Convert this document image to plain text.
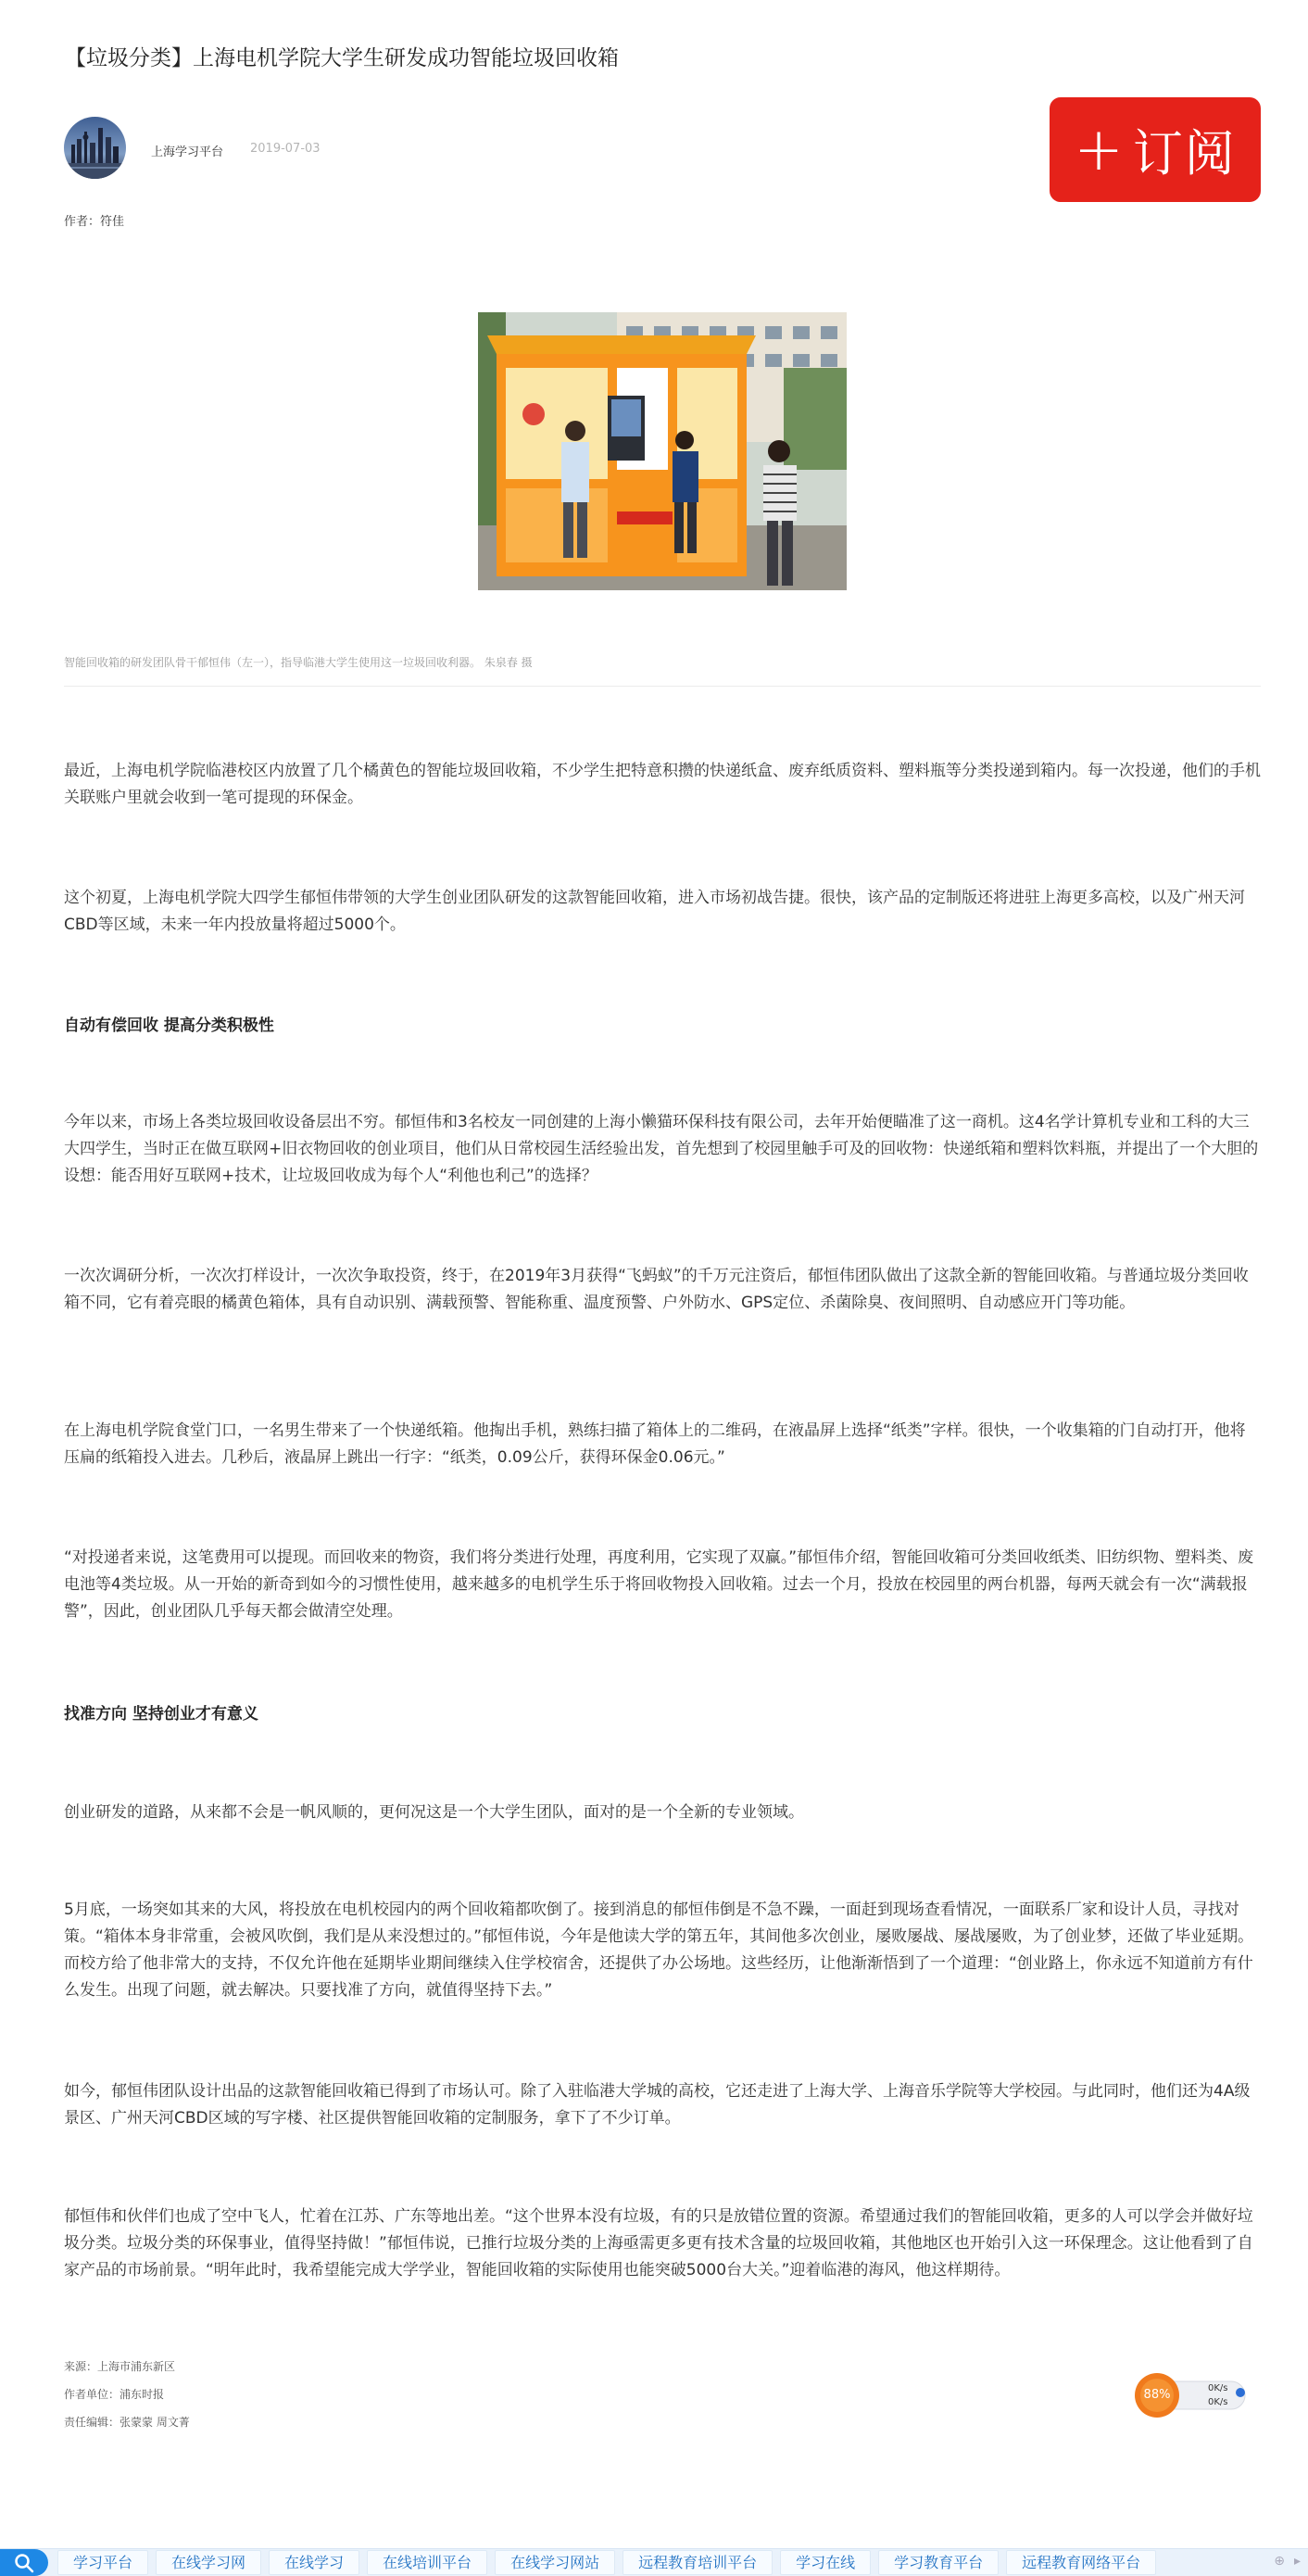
【垃圾分类】上海电机学院大学生研发成功智能垃圾回收箱
上海学习平台 2019-07-03	+ 订阅
作者：符佳
智能回收箱的研发团队骨干郁恒伟（左一），指导临港大学生使用这一垃圾回收利器。 朱泉春 摄

最近，上海电机学院临港校区内放置了几个橘黄色的智能垃圾回收箱，不少学生把特意积攒的快递纸盒、废弃纸质资料、塑料瓶等分类投递到箱内。每一次投递，他们的手机关联账户里就会收到一笔可提现的环保金。

这个初夏，上海电机学院大四学生郁恒伟带领的大学生创业团队研发的这款智能回收箱，进入市场初战告捷。很快，该产品的定制版还将进驻上海更多高校，以及广州天河CBD等区域，未来一年内投放量将超过5000个。

自动有偿回收 提高分类积极性

今年以来，市场上各类垃圾回收设备层出不穷。郁恒伟和3名校友一同创建的上海小懒猫环保科技有限公司，去年开始便瞄准了这一商机。这4名学计算机专业和工科的大三大四学生，当时正在做互联网+旧衣物回收的创业项目，他们从日常校园生活经验出发，首先想到了校园里触手可及的回收物：快递纸箱和塑料饮料瓶，并提出了一个大胆的设想：能否用好互联网+技术，让垃圾回收成为每个人“利他也利己”的选择？

一次次调研分析，一次次打样设计，一次次争取投资，终于，在2019年3月获得“飞蚂蚁”的千万元注资后，郁恒伟团队做出了这款全新的智能回收箱。与普通垃圾分类回收箱不同，它有着亮眼的橘黄色箱体，具有自动识别、满载预警、智能称重、温度预警、户外防水、GPS定位、杀菌除臭、夜间照明、自动感应开门等功能。

在上海电机学院食堂门口，一名男生带来了一个快递纸箱。他掏出手机，熟练扫描了箱体上的二维码，在液晶屏上选择“纸类”字样。很快，一个收集箱的门自动打开，他将压扁的纸箱投入进去。几秒后，液晶屏上跳出一行字：“纸类，0.09公斤，获得环保金0.06元。”

“对投递者来说，这笔费用可以提现。而回收来的物资，我们将分类进行处理，再度利用，它实现了双赢。”郁恒伟介绍，智能回收箱可分类回收纸类、旧纺织物、塑料类、废电池等4类垃圾。从一开始的新奇到如今的习惯性使用，越来越多的电机学生乐于将回收物投入回收箱。过去一个月，投放在校园里的两台机器，每两天就会有一次“满载报警”，因此，创业团队几乎每天都会做清空处理。

找准方向 坚持创业才有意义

创业研发的道路，从来都不会是一帆风顺的，更何况这是一个大学生团队，面对的是一个全新的专业领域。

5月底，一场突如其来的大风，将投放在电机校园内的两个回收箱都吹倒了。接到消息的郁恒伟倒是不急不躁，一面赶到现场查看情况，一面联系厂家和设计人员，寻找对策。“箱体本身非常重，会被风吹倒，我们是从来没想过的。”郁恒伟说，今年是他读大学的第五年，其间他多次创业，屡败屡战、屡战屡败，为了创业梦，还做了毕业延期。而校方给了他非常大的支持，不仅允许他在延期毕业期间继续入住学校宿舍，还提供了办公场地。这些经历，让他渐渐悟到了一个道理：“创业路上，你永远不知道前方有什么发生。出现了问题，就去解决。只要找准了方向，就值得坚持下去。”

如今，郁恒伟团队设计出品的这款智能回收箱已得到了市场认可。除了入驻临港大学城的高校，它还走进了上海大学、上海音乐学院等大学校园。与此同时，他们还为4A级景区、广州天河CBD区域的写字楼、社区提供智能回收箱的定制服务，拿下了不少订单。

郁恒伟和伙伴们也成了空中飞人，忙着在江苏、广东等地出差。“这个世界本没有垃圾，有的只是放错位置的资源。希望通过我们的智能回收箱，更多的人可以学会并做好垃圾分类。垃圾分类的环保事业，值得坚持做！”郁恒伟说，已推行垃圾分类的上海亟需更多更有技术含量的垃圾回收箱，其他地区也开始引入这一环保理念。这让他看到了自家产品的市场前景。“明年此时，我希望能完成大学学业，智能回收箱的实际使用也能突破5000台大关。”迎着临港的海风，他这样期待。

来源：上海市浦东新区
作者单位：浦东时报
责任编辑：张蒙蒙 周文菁
88%	0K/s
0K/s
学习平台	在线学习网	在线学习	在线培训平台	在线学习网站	远程教育培训平台	学习在线	学习教育平台	远程教育网络平台	⊕ ▸
